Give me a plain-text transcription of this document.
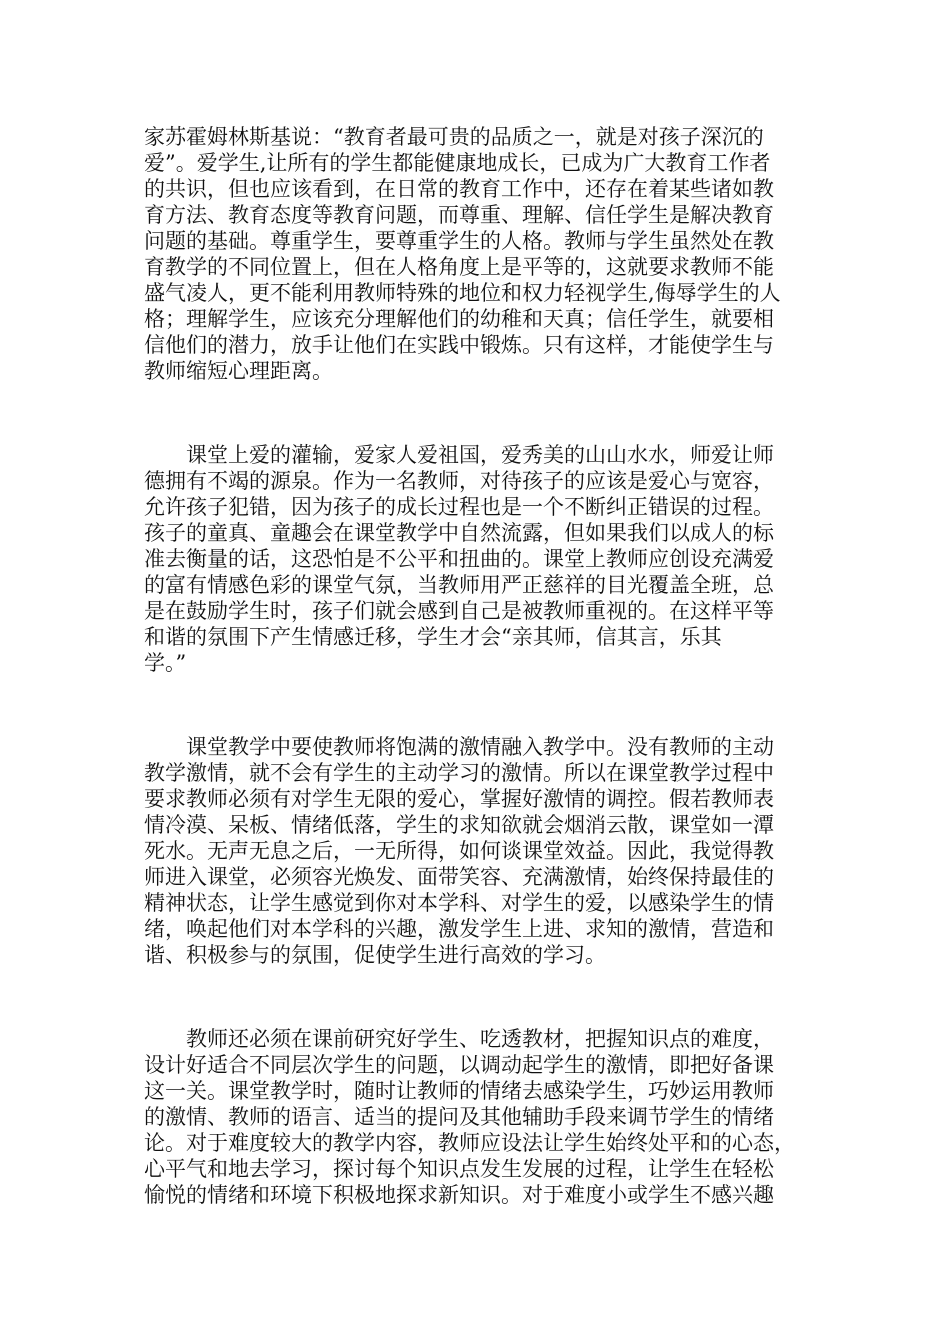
家苏霍姆林斯基说：“教育者最可贵的品质之一，就是对孩子深沉的
爱”。爱学生,让所有的学生都能健康地成长，已成为广大教育工作者
的共识，但也应该看到，在日常的教育工作中，还存在着某些诸如教
育方法、教育态度等教育问题，而尊重、理解、信任学生是解决教育
问题的基础。尊重学生，要尊重学生的人格。教师与学生虽然处在教
育教学的不同位置上，但在人格角度上是平等的，这就要求教师不能
盛气凌人，更不能利用教师特殊的地位和权力轻视学生,侮辱学生的人
格；理解学生，应该充分理解他们的幼稚和天真；信任学生，就要相
信他们的潜力，放手让他们在实践中锻炼。只有这样，才能使学生与
教师缩短心理距离。
课堂上爱的灌输，爱家人爱祖国，爱秀美的山山水水，师爱让师
德拥有不竭的源泉。作为一名教师，对待孩子的应该是爱心与宽容，
允许孩子犯错，因为孩子的成长过程也是一个不断纠正错误的过程。
孩子的童真、童趣会在课堂教学中自然流露，但如果我们以成人的标
准去衡量的话，这恐怕是不公平和扭曲的。课堂上教师应创设充满爱
的富有情感色彩的课堂气氛，当教师用严正慈祥的目光覆盖全班，总
是在鼓励学生时，孩子们就会感到自己是被教师重视的。在这样平等
和谐的氛围下产生情感迁移，学生才会“亲其师，信其言，乐其
学。”
课堂教学中要使教师将饱满的激情融入教学中。没有教师的主动
教学激情，就不会有学生的主动学习的激情。所以在课堂教学过程中
要求教师必须有对学生无限的爱心，掌握好激情的调控。假若教师表
情冷漠、呆板、情绪低落，学生的求知欲就会烟消云散，课堂如一潭
死水。无声无息之后，一无所得，如何谈课堂效益。因此，我觉得教
师进入课堂，必须容光焕发、面带笑容、充满激情，始终保持最佳的
精神状态，让学生感觉到你对本学科、对学生的爱，以感染学生的情
绪，唤起他们对本学科的兴趣，激发学生上进、求知的激情，营造和
谐、积极参与的氛围，促使学生进行高效的学习。
教师还必须在课前研究好学生、吃透教材，把握知识点的难度，
设计好适合不同层次学生的问题，以调动起学生的激情，即把好备课
这一关。课堂教学时，随时让教师的情绪去感染学生，巧妙运用教师
的激情、教师的语言、适当的提问及其他辅助手段来调节学生的情绪
论。对于难度较大的教学内容，教师应设法让学生始终处平和的心态，
心平气和地去学习，探讨每个知识点发生发展的过程，让学生在轻松
愉悦的情绪和环境下积极地探求新知识。对于难度小或学生不感兴趣
